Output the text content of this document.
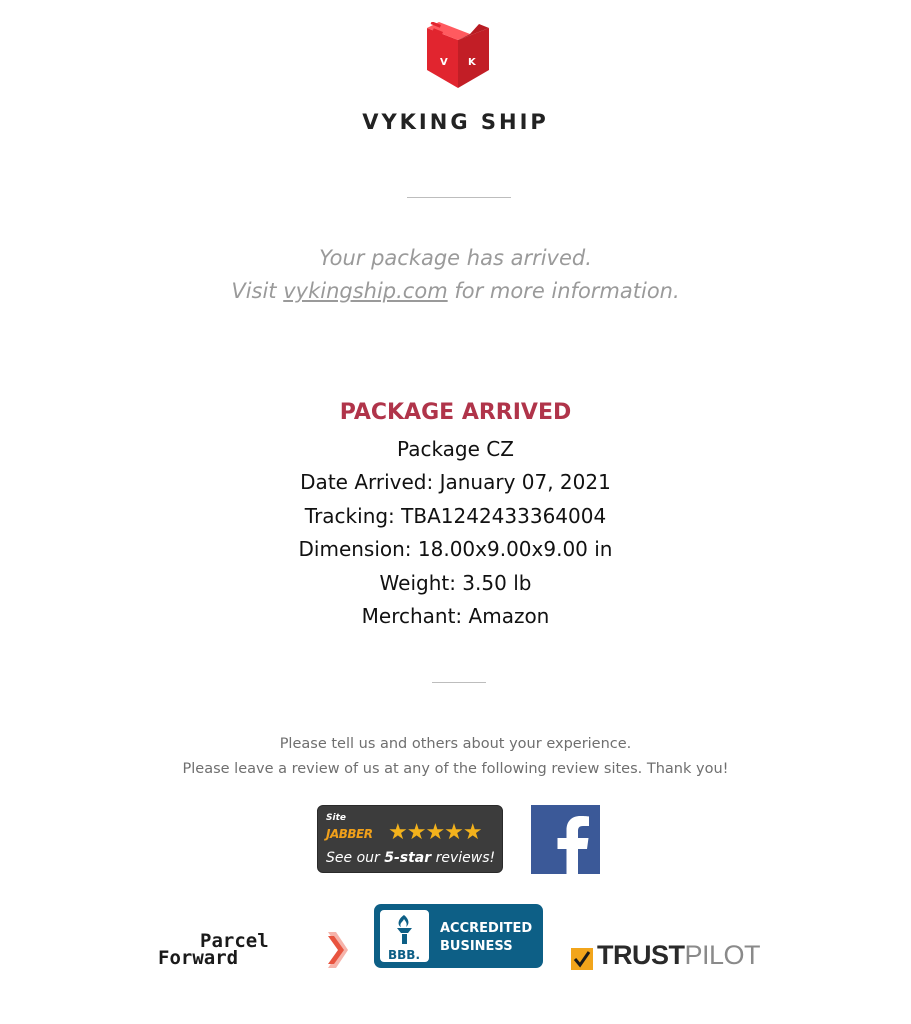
V K
VYKING SHIP
Your package has arrived.
Visit vykingship.com for more information.
PACKAGE ARRIVED
Package CZ
Date Arrived: January 07, 2021
Tracking: TBA1242433364004
Dimension: 18.00x9.00x9.00 in
Weight: 3.50 lb
Merchant: Amazon
Please tell us and others about your experience.
Please leave a review of us at any of the following review sites. Thank you!
Site
JABBER ★★★★★
See our 5-star reviews!
Parcel
Forward	BBB.
ACCREDITED
BUSINESS	TRUSTPILOT
